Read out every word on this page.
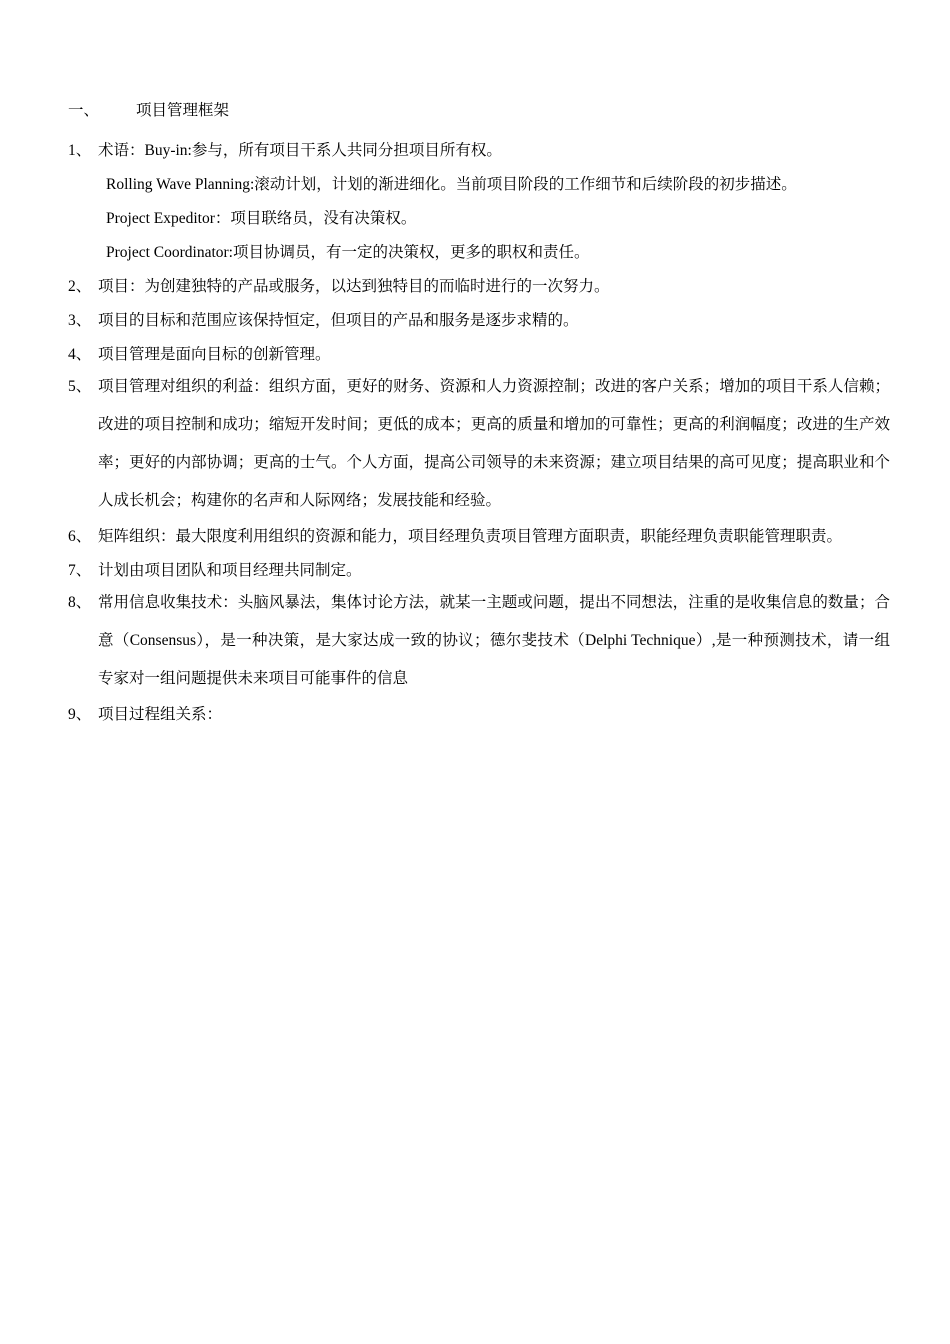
一、 项目管理框架
1、 术语：Buy-in:参与，所有项目干系人共同分担项目所有权。
Rolling Wave Planning:滚动计划，计划的渐进细化。当前项目阶段的工作细节和后续阶段的初步描述。
Project Expeditor：项目联络员，没有决策权。
Project Coordinator:项目协调员，有一定的决策权，更多的职权和责任。
2、 项目：为创建独特的产品或服务，以达到独特目的而临时进行的一次努力。
3、 项目的目标和范围应该保持恒定，但项目的产品和服务是逐步求精的。
4、 项目管理是面向目标的创新管理。
5、 项目管理对组织的利益：组织方面，更好的财务、资源和人力资源控制；改进的客户关系；增加的项目干系人信赖；改进的项目控制和成功；缩短开发时间；更低的成本；更高的质量和增加的可靠性；更高的利润幅度；改进的生产效率；更好的内部协调；更高的士气。个人方面，提高公司领导的未来资源；建立项目结果的高可见度；提高职业和个人成长机会；构建你的名声和人际网络；发展技能和经验。
6、 矩阵组织：最大限度利用组织的资源和能力，项目经理负责项目管理方面职责，职能经理负责职能管理职责。
7、 计划由项目团队和项目经理共同制定。
8、 常用信息收集技术：头脑风暴法，集体讨论方法，就某一主题或问题，提出不同想法，注重的是收集信息的数量；合意（Consensus），是一种决策，是大家达成一致的协议；德尔斐技术（Delphi Technique）,是一种预测技术，请一组专家对一组问题提供未来项目可能事件的信息
9、 项目过程组关系：
